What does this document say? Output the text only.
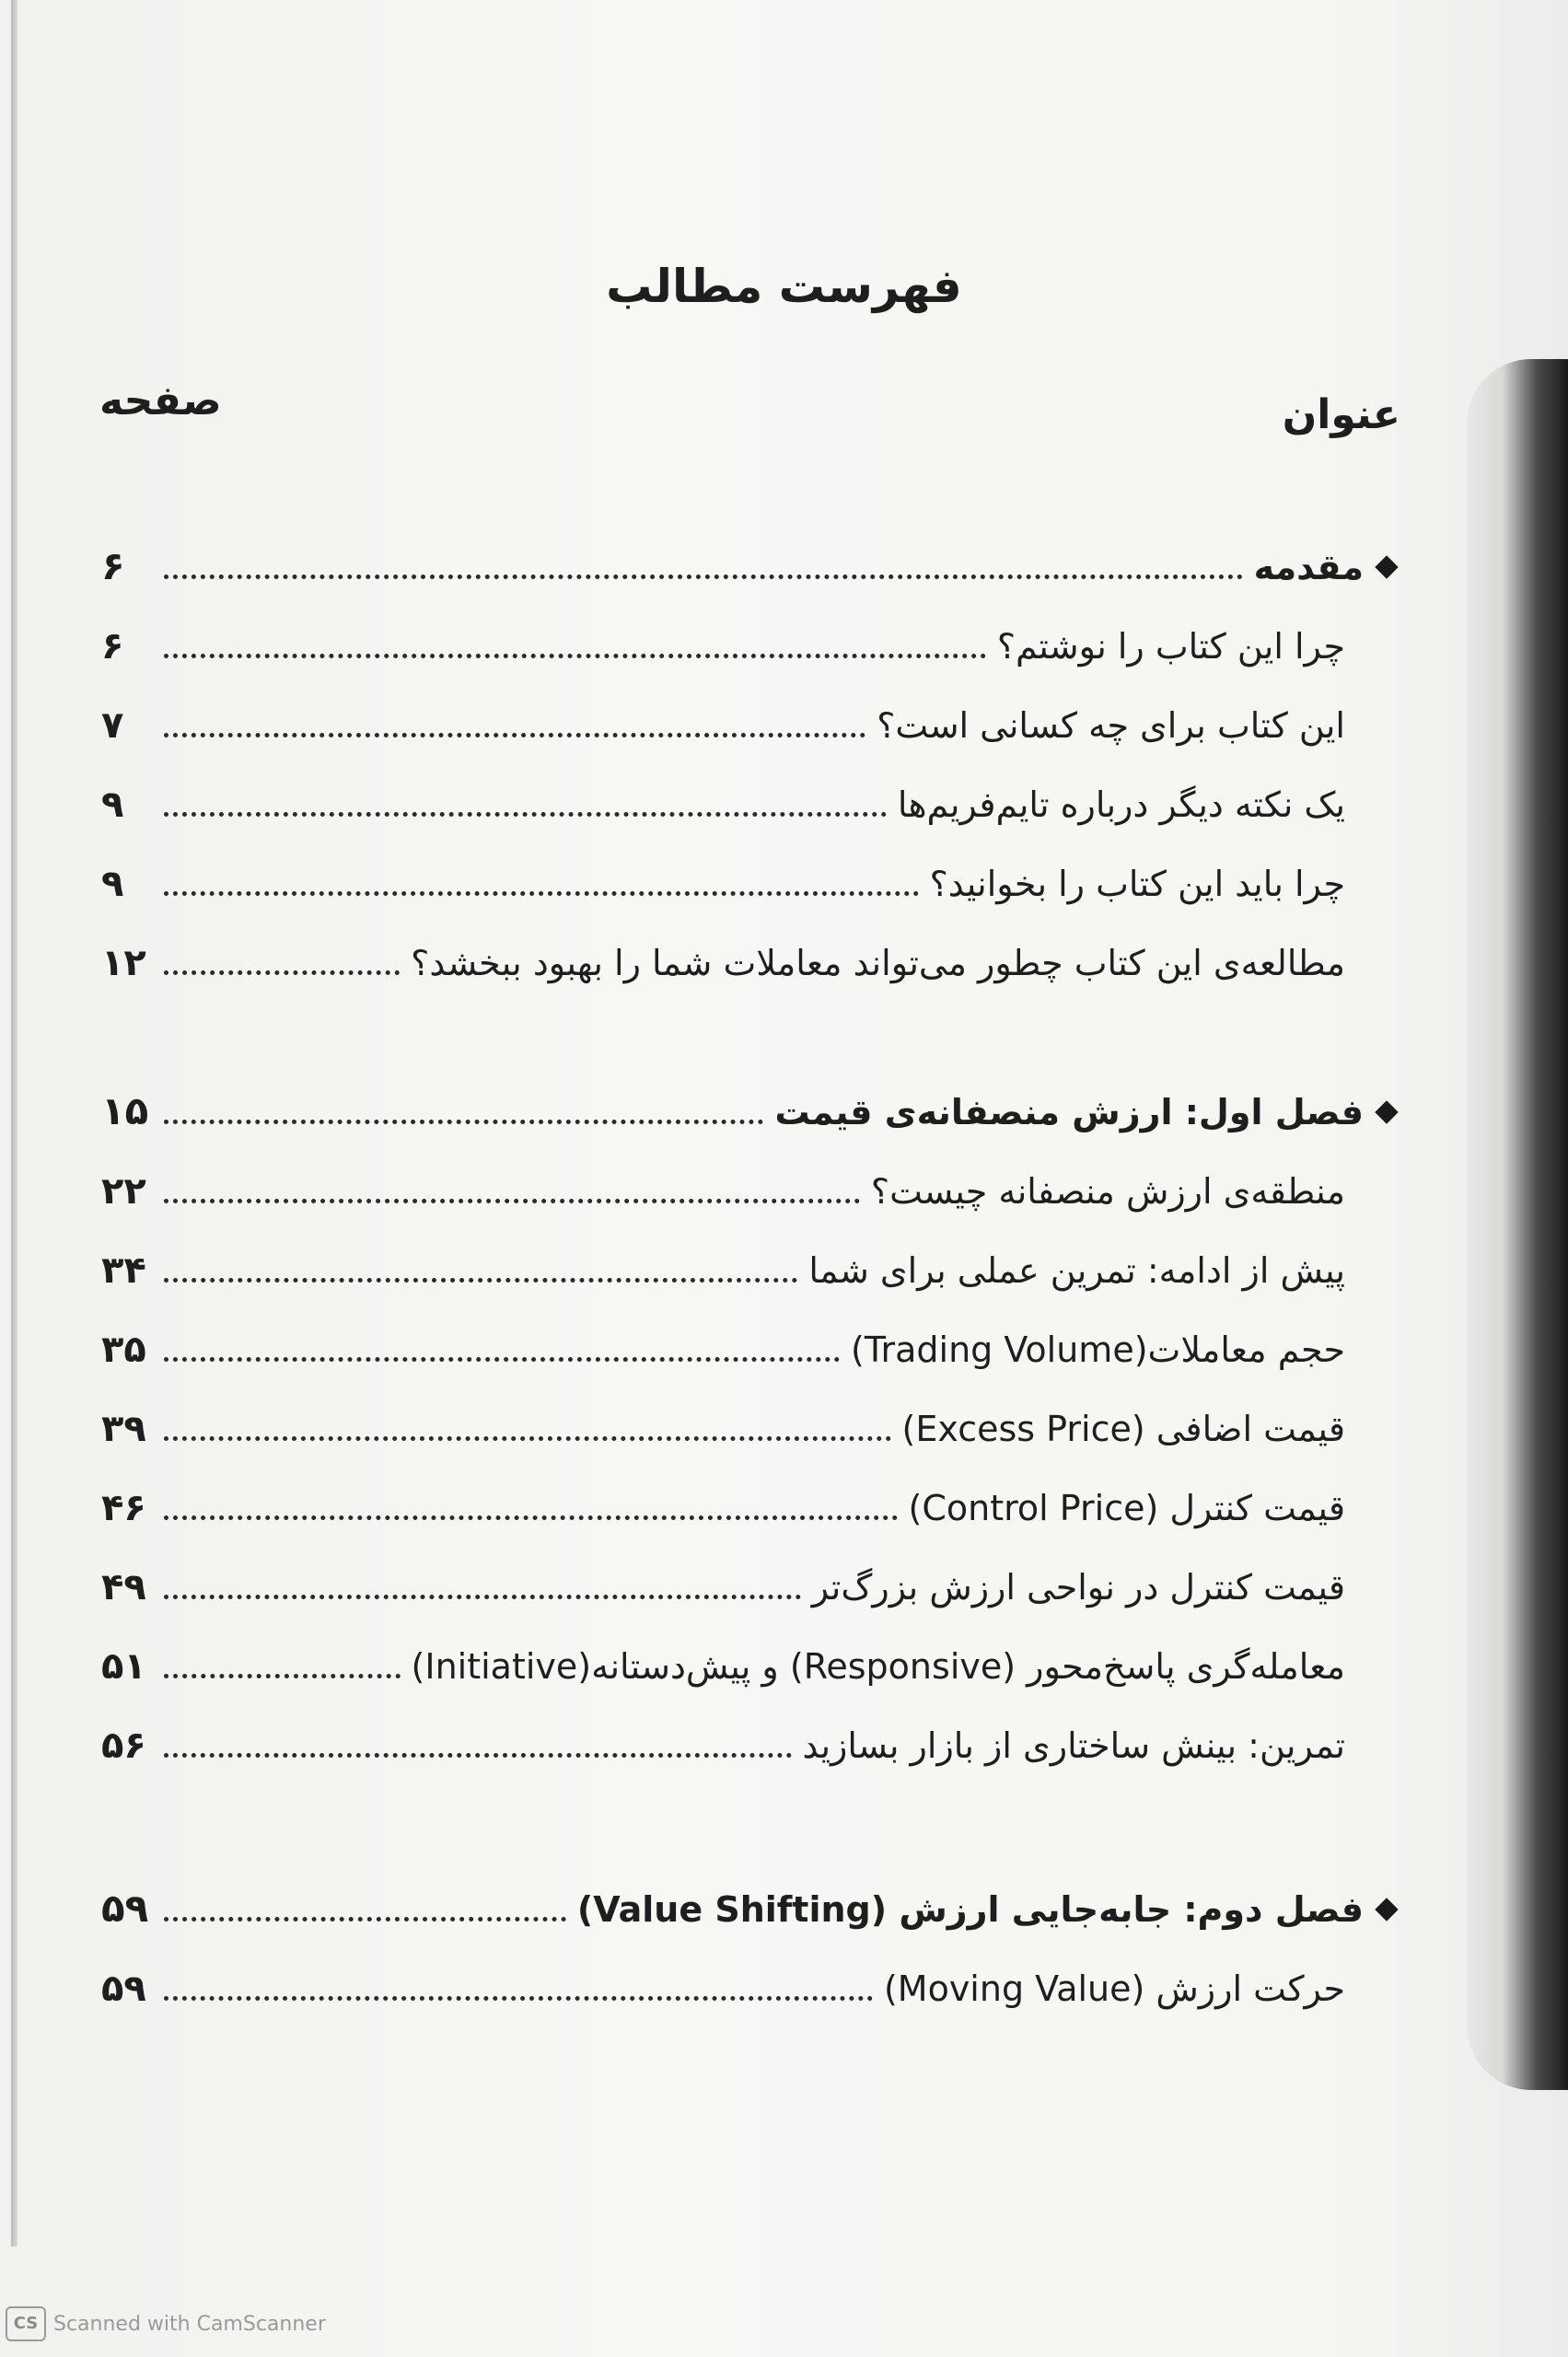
فهرست مطالب
عنوان
صفحه
مقدمه
۶
چرا این کتاب را نوشتم؟
۶
این کتاب برای چه کسانی است؟
۷
یک نکته دیگر درباره تایم‌فریم‌ها
۹
چرا باید این کتاب را بخوانید؟
۹
مطالعه‌ی این کتاب چطور می‌تواند معاملات شما را بهبود ببخشد؟
۱۲
فصل اول: ارزش منصفانه‌ی قیمت
۱۵
منطقه‌ی ارزش منصفانه چیست؟
۲۲
پیش از ادامه: تمرین عملی برای شما
۳۴
حجم معاملات(Trading Volume)
۳۵
قیمت اضافی (Excess Price)
۳۹
قیمت کنترل (Control Price)
۴۶
قیمت کنترل در نواحی ارزش بزرگ‌تر
۴۹
معامله‌گری پاسخ‌محور (Responsive) و پیش‌دستانه(Initiative)
۵۱
تمرین: بینش ساختاری از بازار بسازید
۵۶
فصل دوم: جابه‌جایی ارزش (Value Shifting)
۵۹
حرکت ارزش (Moving Value)
۵۹
CS Scanned with CamScanner
